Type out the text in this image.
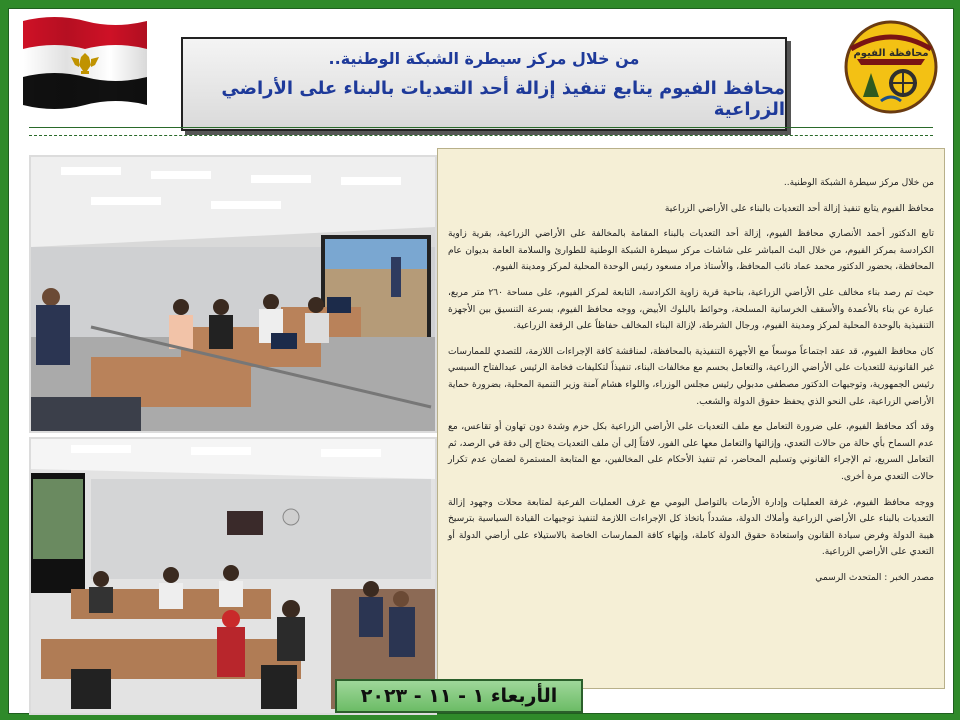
من خلال مركز سيطرة الشبكة الوطنية..
محافظ الفيوم يتابع تنفيذ إزالة أحد التعديات بالبناء على الأراضي الزراعية
محافظة الفيوم

من خلال مركز سيطرة الشبكة الوطنية..

محافظ الفيوم يتابع تنفيذ إزالة أحد التعديات بالبناء على الأراضي الزراعية

تابع الدكتور أحمد الأنصاري محافظ الفيوم، إزالة أحد التعديات بالبناء المقامة بالمخالفة على الأراضي الزراعية، بقرية زاوية الكرادسة بمركز الفيوم، من خلال البث المباشر على شاشات مركز سيطرة الشبكة الوطنية للطوارئ والسلامة العامة بديوان عام المحافظة، بحضور الدكتور محمد عماد نائب المحافظ، والأستاذ مراد مسعود رئيس الوحدة المحلية لمركز ومدينة الفيوم.

حيث تم رصد بناء مخالف على الأراضي الزراعية، بناحية قرية زاوية الكرادسة، التابعة لمركز الفيوم، على مساحة ٢٦٠ متر مربع، عبارة عن بناء بالأعمدة والأسقف الخرسانية المسلحة، وحوائط بالبلوك الأبيض، ووجه محافظ الفيوم، بسرعة التنسيق بين الأجهزة التنفيذية بالوحدة المحلية لمركز ومدينة الفيوم، ورجال الشرطة، لإزالة البناء المخالف حفاظاً على الرقعة الزراعية.

كان محافظ الفيوم، قد عقد اجتماعاً موسعاً مع الأجهزة التنفيذية بالمحافظة، لمناقشة كافة الإجراءات اللازمة، للتصدي للممارسات غير القانونية للتعديات على الأراضي الزراعية، والتعامل بحسم مع مخالفات البناء، تنفيذاً لتكليفات فخامة الرئيس عبدالفتاح السيسي رئيس الجمهورية، وتوجيهات الدكتور مصطفى مدبولي رئيس مجلس الوزراء، واللواء هشام آمنة وزير التنمية المحلية، بضرورة حماية الأراضي الزراعية، على النحو الذي يحفظ حقوق الدولة والشعب.

وقد أكد محافظ الفيوم، على ضرورة التعامل مع ملف التعديات على الأراضي الزراعية بكل حزم وشدة دون تهاون أو تقاعس، مع عدم السماح بأي حالة من حالات التعدي، وإزالتها والتعامل معها على الفور، لافتاً إلى أن ملف التعديات يحتاج إلى دقة في الرصد، ثم التعامل السريع، ثم الإجراء القانوني وتسليم المحاضر، ثم تنفيذ الأحكام على المخالفين، مع المتابعة المستمرة لضمان عدم تكرار حالات التعدي مرة أخرى.

ووجه محافظ الفيوم، غرفة العمليات وإدارة الأزمات بالتواصل اليومي مع غرف العمليات الفرعية لمتابعة محلات وجهود إزالة التعديات بالبناء على الأراضي الزراعية وأملاك الدولة، مشدداً باتخاذ كل الإجراءات اللازمة لتنفيذ توجيهات القيادة السياسية بترسيخ هيبة الدولة وفرض سيادة القانون واستعادة حقوق الدولة كاملة، وإنهاء كافة الممارسات الخاصة بالاستيلاء على أراضي الدولة أو التعدي على الأراضي الزراعية.

مصدر الخبر : المتحدث الرسمي

الأربعاء ١ - ١١ - ٢٠٢٣
